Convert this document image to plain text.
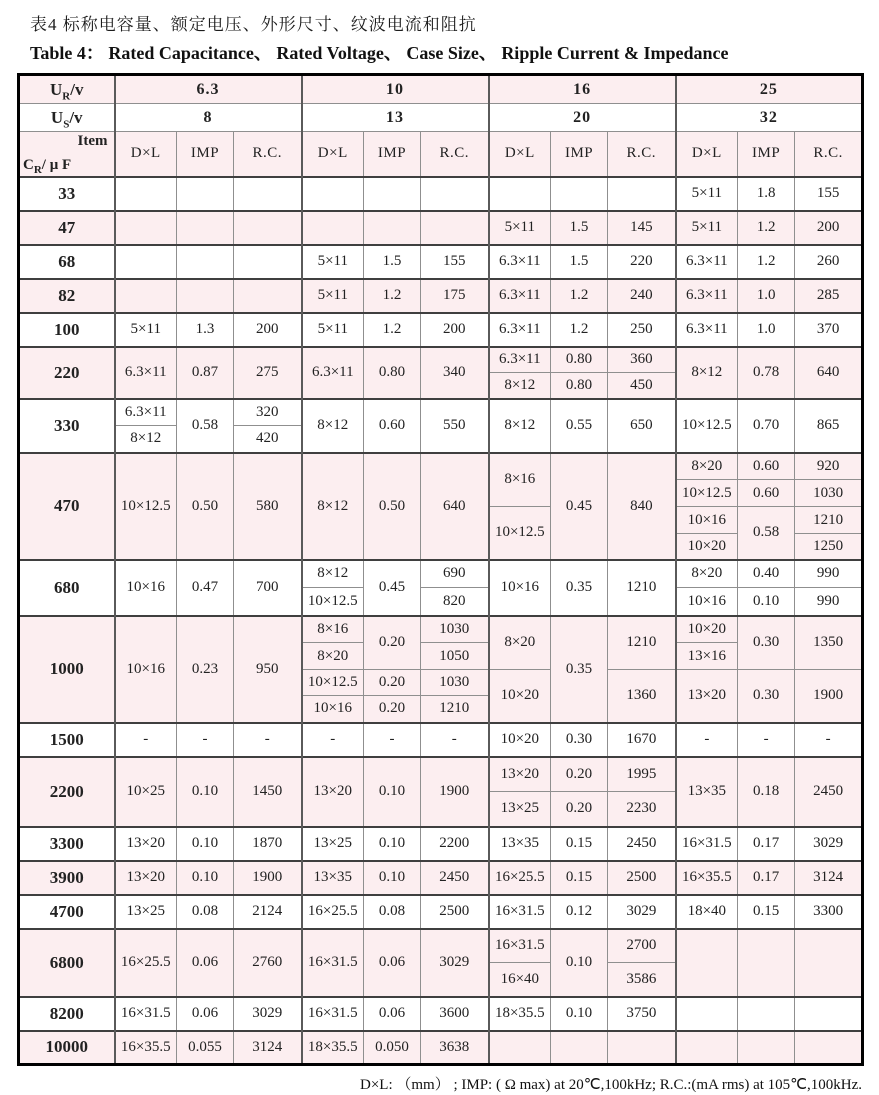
表4 标称电容量、额定电压、外形尺寸、纹波电流和阻抗
Table 4： Rated Capacitance、 Rated Voltage、 Case Size、 Ripple Current & Impedance
$U_R/v$	6.3			10			16			25		
$U_S/v$	8			13			20			32		

Item
$C_R/$ μ F	D×L	IMP	R.C.	D×L	IMP	R.C.	D×L	IMP	R.C.	D×L	IMP	R.C.
33										5×11	1.8	155
47							5×11	1.5	145	5×11	1.2	200
68				5×11	1.5	155	6.3×11	1.5	220	6.3×11	1.2	260
82				5×11	1.2	175	6.3×11	1.2	240	6.3×11	1.0	285
100	5×11	1.3	200	5×11	1.2	200	6.3×11	1.2	250	6.3×11	1.0	370
220	6.3×11	0.87	275	6.3×11	0.80	340	6.3×11	0.80	360	8×12	0.78	640
							8×12	0.80	450			
330	6.3×11	0.58	320	8×12	0.60	550	8×12	0.55	650	10×12.5	0.70	865
	8×12		420									
470	10×12.5	0.50	580	8×12	0.50	640	8×16	0.45	840	8×20	0.60	920
										10×12.5	0.60	1030
							10×12.5			10×16	0.58	1210
										10×20		1250
680	10×16	0.47	700	8×12	0.45	690	10×16	0.35	1210	8×20	0.40	990
				10×12.5		820				10×16	0.10	990
1000	10×16	0.23	950	8×16	0.20	1030	8×20	0.35	1210	10×20	0.30	1350
				8×20		1050				13×16		
				10×12.5	0.20	1030	10×20		1360	13×20	0.30	1900
				10×16	0.20	1210						
1500	-	-	-	-	-	-	10×20	0.30	1670	-	-	-
2200	10×25	0.10	1450	13×20	0.10	1900	13×20	0.20	1995	13×35	0.18	2450
							13×25	0.20	2230			
3300	13×20	0.10	1870	13×25	0.10	2200	13×35	0.15	2450	16×31.5	0.17	3029
3900	13×20	0.10	1900	13×35	0.10	2450	16×25.5	0.15	2500	16×35.5	0.17	3124
4700	13×25	0.08	2124	16×25.5	0.08	2500	16×31.5	0.12	3029	18×40	0.15	3300
6800	16×25.5	0.06	2760	16×31.5	0.06	3029	16×31.5	0.10	2700			
							16×40		3586			
8200	16×31.5	0.06	3029	16×31.5	0.06	3600	18×35.5	0.10	3750			
10000	16×35.5	0.055	3124	18×35.5	0.050	3638						
D×L: （mm） ; IMP: ( Ω max) at 20℃,100kHz; R.C.:(mA rms) at 105℃,100kHz.
